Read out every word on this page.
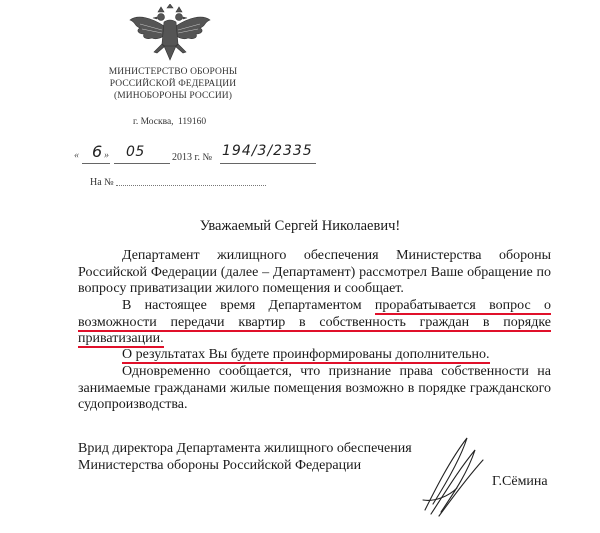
МИНИСТЕРСТВО ОБОРОНЫ
РОССИЙСКОЙ ФЕДЕРАЦИИ
(МИНОБОРОНЫ РОССИИ)
г. Москва, 119160
« 6 » 05	2013 г. № 194/3/2335
На №
Уважаемый Сергей Николаевич!
Департамент жилищного обеспечения Министерства обороны Российской Федерации (далее – Департамент) рассмотрел Ваше обращение по вопросу приватизации жилого помещения и сообщает.
В настоящее время Департаментом прорабатывается вопрос о возможности передачи квартир в собственность граждан в порядке приватизации.
О результатах Вы будете проинформированы дополнительно.
Одновременно сообщается, что признание права собственности на занимаемые гражданами жилые помещения возможно в порядке гражданского судопроизводства.
Врид директора Департамента жилищного обеспечения
Министерства обороны Российской Федерации
Г.Сёмина
